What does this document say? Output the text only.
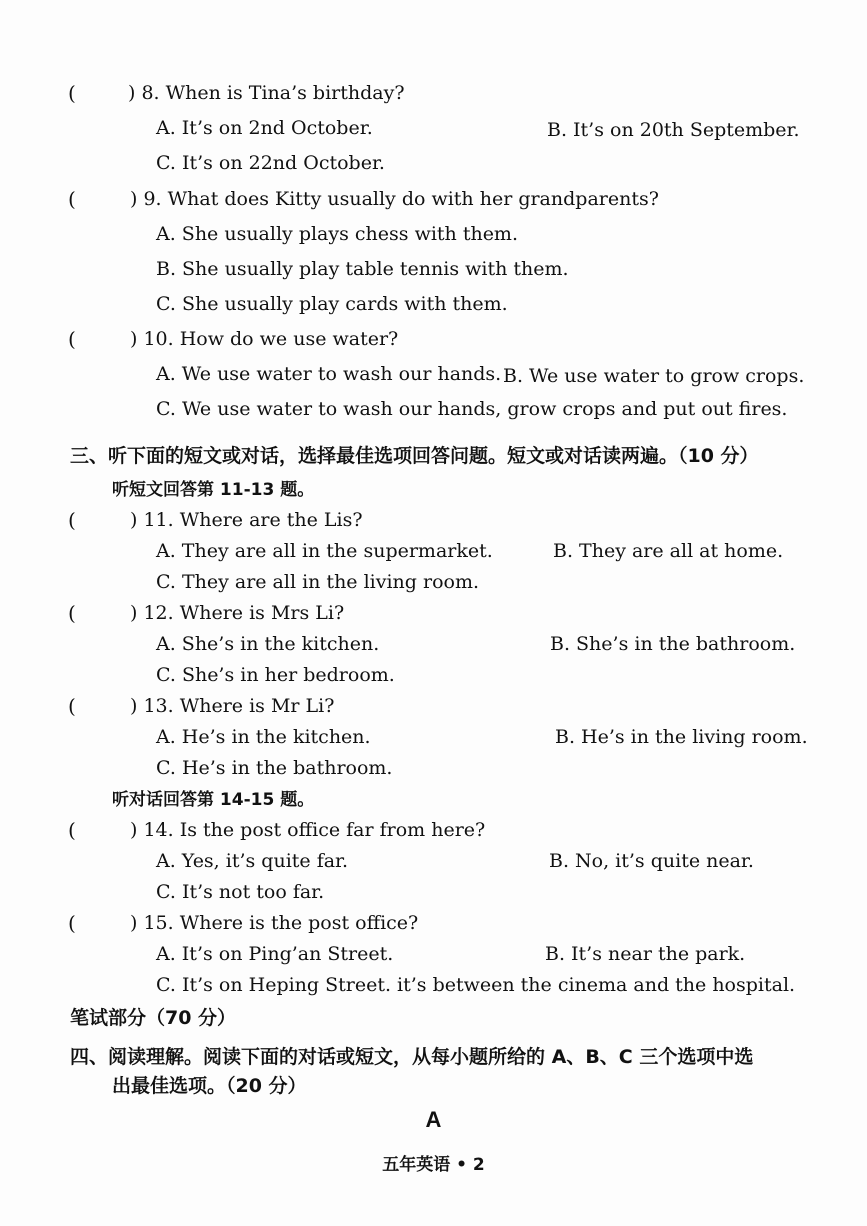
(	) 8. When is Tina’s birthday?
A. It’s on 2nd October.	B. It’s on 20th September.
C. It’s on 22nd October.
(	) 9. What does Kitty usually do with her grandparents?
A. She usually plays chess with them.
B. She usually play table tennis with them.
C. She usually play cards with them.
(	) 10. How do we use water?
A. We use water to wash our hands. B. We use water to grow crops.
C. We use water to wash our hands, grow crops and put out fires.
三、听下面的短文或对话，选择最佳选项回答问题。短文或对话读两遍。（10 分）
听短文回答第 11-13 题。
(	) 11. Where are the Lis?
A. They are all in the supermarket.	B. They are all at home.
C. They are all in the living room.
(	) 12. Where is Mrs Li?
A. She’s in the kitchen.	B. She’s in the bathroom.
C. She’s in her bedroom.
(	) 13. Where is Mr Li?
A. He’s in the kitchen.	B. He’s in the living room.
C. He’s in the bathroom.
听对话回答第 14-15 题。
(	) 14. Is the post office far from here?
A. Yes, it’s quite far.	B. No, it’s quite near.
C. It’s not too far.
(	) 15. Where is the post office?
A. It’s on Ping’an Street.	B. It’s near the park.
C. It’s on Heping Street. it’s between the cinema and the hospital.
笔试部分（70 分）
四、阅读理解。阅读下面的对话或短文，从每小题所给的 A、B、C 三个选项中选
出最佳选项。（20 分）
A
五年英语 • 2
